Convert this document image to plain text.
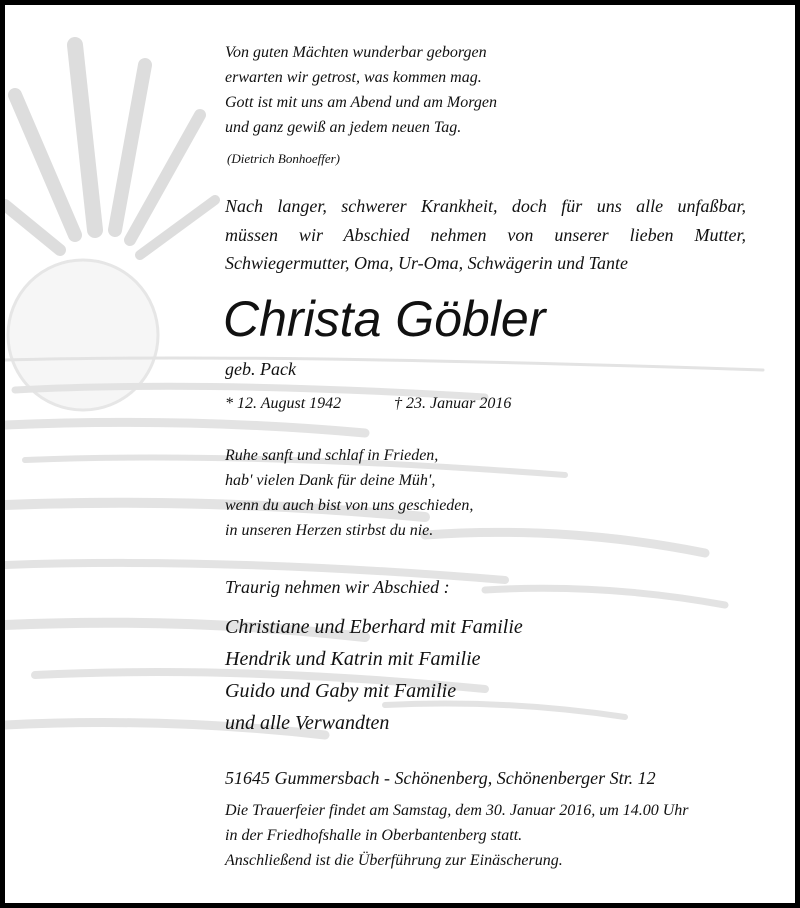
Von guten Mächten wunderbar geborgen
erwarten wir getrost, was kommen mag.
Gott ist mit uns am Abend und am Morgen
und ganz gewiß an jedem neuen Tag.
(Dietrich Bonhoeffer)
Nach langer, schwerer Krankheit, doch für uns alle unfaßbar,
müssen wir Abschied nehmen von unserer lieben Mutter,
Schwiegermutter, Oma, Ur-Oma, Schwägerin und Tante
Christa Göbler
geb. Pack
* 12. August 1942	† 23. Januar 2016
Ruhe sanft und schlaf in Frieden,
hab' vielen Dank für deine Müh',
wenn du auch bist von uns geschieden,
in unseren Herzen stirbst du nie.
Traurig nehmen wir Abschied :
Christiane und Eberhard mit Familie
Hendrik und Katrin mit Familie
Guido und Gaby mit Familie
und alle Verwandten
51645 Gummersbach - Schönenberg, Schönenberger Str. 12
Die Trauerfeier findet am Samstag, dem 30. Januar 2016, um 14.00 Uhr
in der Friedhofshalle in Oberbantenberg statt.
Anschließend ist die Überführung zur Einäscherung.
